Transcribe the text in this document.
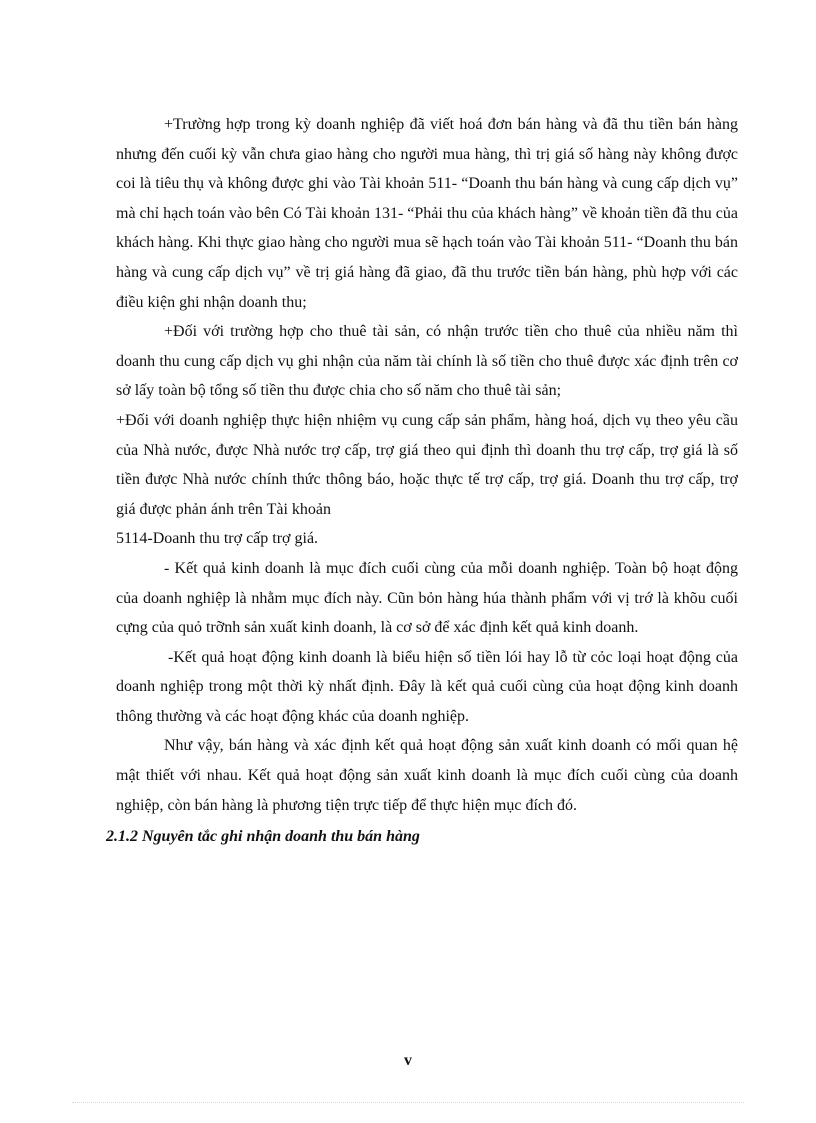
+Trường hợp trong kỳ doanh nghiệp đã viết hoá đơn bán hàng và đã thu tiền bán hàng nhưng đến cuối kỳ vẫn chưa giao hàng cho người mua hàng, thì trị giá số hàng này không được coi là tiêu thụ và không được ghi vào Tài khoản 511- “Doanh thu bán hàng và cung cấp dịch vụ” mà chỉ hạch toán vào bên Có Tài khoản 131- “Phải thu của khách hàng” về khoản tiền đã thu của khách hàng. Khi thực giao hàng cho người mua sẽ hạch toán vào Tài khoản 511- “Doanh thu bán hàng và cung cấp dịch vụ” về trị giá hàng đã giao, đã thu trước tiền bán hàng, phù hợp với các điều kiện ghi nhận doanh thu;

+Đối với trường hợp cho thuê tài sản, có nhận trước tiền cho thuê của nhiều năm thì doanh thu cung cấp dịch vụ ghi nhận của năm tài chính là số tiền cho thuê được xác định trên cơ sở lấy toàn bộ tổng số tiền thu được chia cho số năm cho thuê tài sản;

+Đối với doanh nghiệp thực hiện nhiệm vụ cung cấp sản phẩm, hàng hoá, dịch vụ theo yêu cầu của Nhà nước, được Nhà nước trợ cấp, trợ giá theo qui định thì doanh thu trợ cấp, trợ giá là số tiền được Nhà nước chính thức thông báo, hoặc thực tế trợ cấp, trợ giá. Doanh thu trợ cấp, trợ giá được phản ánh trên Tài khoản

5114-Doanh thu trợ cấp trợ giá.

- Kết quả kinh doanh là mục đích cuối cùng của mỗi doanh nghiệp. Toàn bộ hoạt động của doanh nghiệp là nhằm mục đích này. Cũn bỏn hàng húa thành phẩm với vị trớ là khõu cuối cựng của quỏ trỡnh sản xuất kinh doanh, là cơ sở để xác định kết quả kinh doanh.

-Kết quả hoạt động kinh doanh là biểu hiện số tiền lói hay lỗ từ cỏc loại hoạt động của doanh nghiệp trong một thời kỳ nhất định. Đây là kết quả cuối cùng của hoạt động kinh doanh thông thường và các hoạt động khác của doanh nghiệp.

Như vậy, bán hàng và xác định kết quả hoạt động sản xuất kinh doanh có mối quan hệ mật thiết với nhau. Kết quả hoạt động sản xuất kinh doanh là mục đích cuối cùng của doanh nghiệp, còn bán hàng là phương tiện trực tiếp để thực hiện mục đích đó.

2.1.2 Nguyên tắc ghi nhận doanh thu bán hàng

v
